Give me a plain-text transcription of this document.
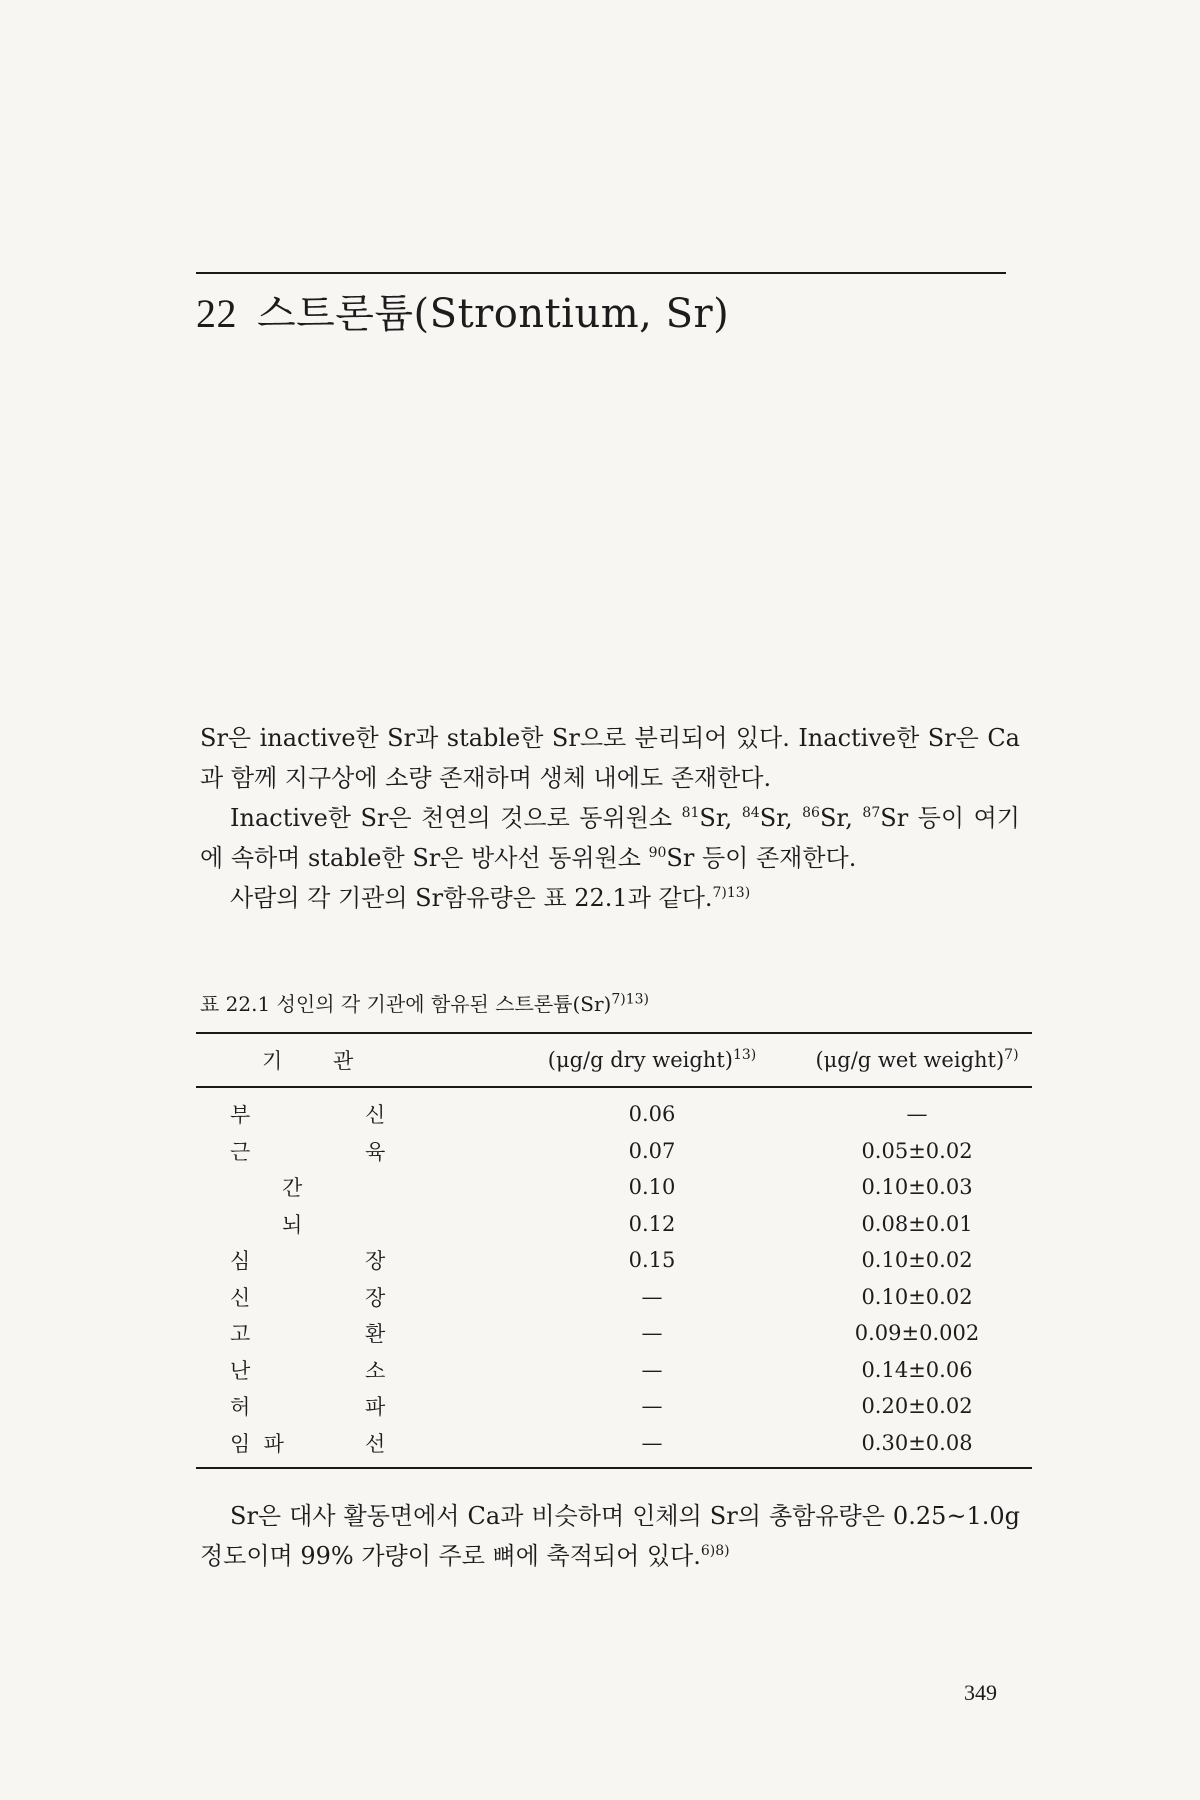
22 스트론튬(Strontium, Sr)

Sr은 inactive한 Sr과 stable한 Sr으로 분리되어 있다. Inactive한 Sr은 Ca과 함께 지구상에 소량 존재하며 생체 내에도 존재한다.

Inactive한 Sr은 천연의 것으로 동위원소 $^{81}$Sr, $^{84}$Sr, $^{86}$Sr, $^{87}$Sr 등이 여기에 속하며 stable한 Sr은 방사선 동위원소 $^{90}$Sr 등이 존재한다.

사람의 각 기관의 Sr함유량은 표 22.1과 같다.$^{7)13)}$

표 22.1 성인의 각 기관에 함유된 스트론튬$(Sr)^{7)13)}$

기 관	(μg/g dry weight)$^{13)}$	(μg/g wet weight)$^{7)}$
부 신	0.06	—
근 육	0.07	0.05±0.02
간	0.10	0.10±0.03
뇌	0.12	0.08±0.01
심 장	0.15	0.10±0.02
신 장	—	0.10±0.02
고 환	—	0.09±0.002
난 소	—	0.14±0.06
허 파	—	0.20±0.02
임  파 선	—	0.30±0.08

Sr은 대사 활동면에서 Ca과 비슷하며 인체의 Sr의 총함유량은 0.25~1.0g 정도이며 99% 가량이 주로 뼈에 축적되어 있다.$^{6)8)}$

349
